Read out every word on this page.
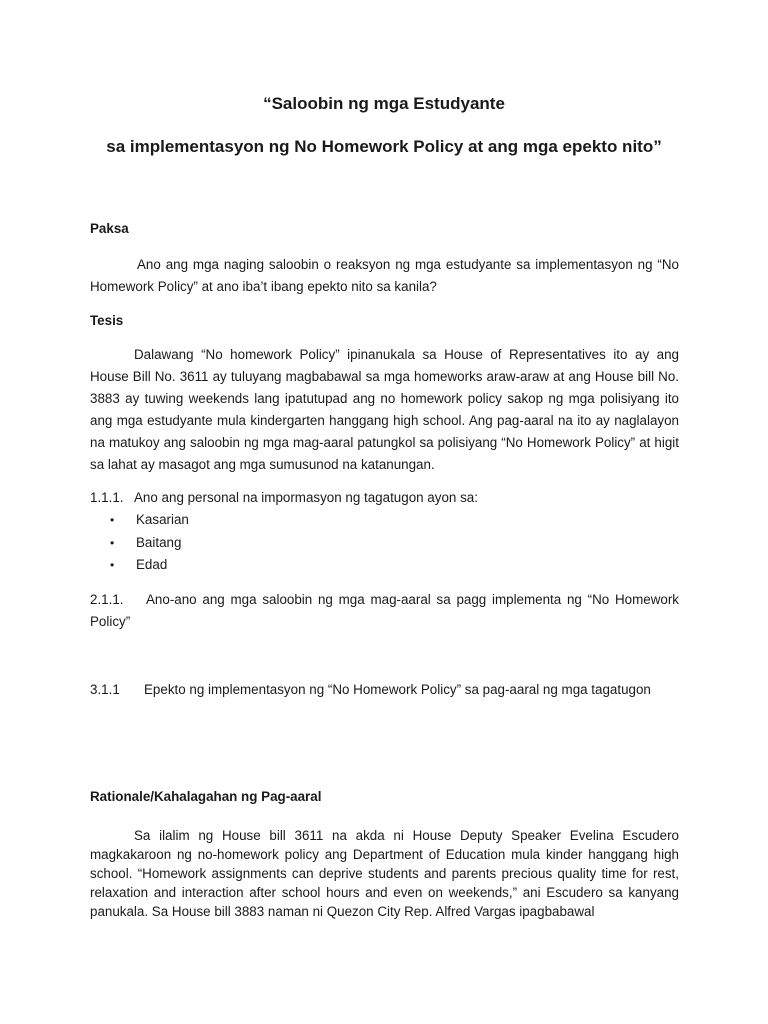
“Saloobin ng mga Estudyante
sa implementasyon ng No Homework Policy at ang mga epekto nito”
Paksa
Ano ang mga naging saloobin o reaksyon ng mga estudyante sa implementasyon ng “No Homework Policy” at ano iba’t ibang epekto nito sa kanila?
Tesis
Dalawang “No homework Policy” ipinanukala sa House of Representatives ito ay ang House Bill No. 3611 ay tuluyang magbabawal sa mga homeworks araw-araw at ang House bill No. 3883 ay tuwing weekends lang ipatutupad ang no homework policy sakop ng mga polisiyang ito ang mga estudyante mula kindergarten hanggang high school. Ang pag-aaral na ito ay naglalayon na matukoy ang saloobin ng mga mag-aaral patungkol sa polisiyang “No Homework Policy” at higit sa lahat ay masagot ang mga sumusunod na katanungan.
1.1.1. Ano ang personal na impormasyon ng tagatugon ayon sa:
• Kasarian
• Baitang
• Edad
2.1.1. Ano-ano ang mga saloobin ng mga mag-aaral sa pagg implementa ng “No Homework Policy”
3.1.1 Epekto ng implementasyon ng “No Homework Policy” sa pag-aaral ng mga tagatugon
Rationale/Kahalagahan ng Pag-aaral
Sa ilalim ng House bill 3611 na akda ni House Deputy Speaker Evelina Escudero magkakaroon ng no-homework policy ang Department of Education mula kinder hanggang high school. “Homework assignments can deprive students and parents precious quality time for rest, relaxation and interaction after school hours and even on weekends,” ani Escudero sa kanyang panukala. Sa House bill 3883 naman ni Quezon City Rep. Alfred Vargas ipagbabawal
